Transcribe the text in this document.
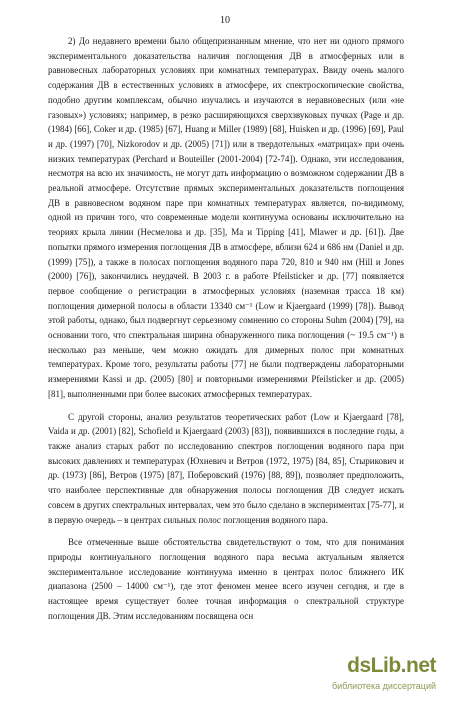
10

2) До недавнего времени было общепризнанным мнение, что нет ни одного прямого экспериментального доказательства наличия поглощения ДВ в атмосферных или в равновесных лабораторных условиях при комнатных температурах. Ввиду очень малого содержания ДВ в естественных условиях в атмосфере, их спектроскопические свойства, подобно другим комплексам, обычно изучались и изучаются в неравновесных (или «не газовых») условиях; например, в резко расширяющихся сверхзвуковых пучках (Page и др. (1984) [66], Coker и др. (1985) [67], Huang и Miller (1989) [68], Huisken и др. (1996) [69], Paul и др. (1997) [70], Nizkorodov и др. (2005) [71]) или в твердотельных «матрицах» при очень низких температурах (Perchard и Bouteiller (2001-2004) [72-74]). Однако, эти исследования, несмотря на всю их значимость, не могут дать информацию о возможном содержании ДВ в реальной атмосфере. Отсутствие прямых экспериментальных доказательств поглощения ДВ в равновесном водяном паре при комнатных температурах является, по-видимому, одной из причин того, что современные модели континуума основаны исключительно на теориях крыла линии (Несмелова и др. [35], Ma и Tipping [41], Mlawer и др. [61]). Две попытки прямого измерения поглощения ДВ в атмосфере, вблизи 624 и 686 нм (Daniel и др. (1999) [75]), а также в полосах поглощения водяного пара 720, 810 и 940 нм (Hill и Jones (2000) [76]), закончились неудачей. В 2003 г. в работе Pfeilsticker и др. [77] появляется первое сообщение о регистрации в атмосферных условиях (наземная трасса 18 км) поглощения димерной полосы в области 13340 см⁻¹ (Low и Kjaergaard (1999) [78]). Вывод этой работы, однако, был подвергнут серьезному сомнению со стороны Suhm (2004) [79], на основании того, что спектральная ширина обнаруженного пика поглощения (~ 19.5 см⁻¹) в несколько раз меньше, чем можно ожидать для димерных полос при комнатных температурах. Кроме того, результаты работы [77] не были подтверждены лабораторными измерениями Kassi и др. (2005) [80] и повторными измерениями Pfeilsticker и др. (2005) [81], выполненными при более высоких атмосферных температурах.

С другой стороны, анализ результатов теоретических работ (Low и Kjaergaard [78], Vaida и др. (2001) [82], Schofield и Kjaergaard (2003) [83]), появившихся в последние годы, а также анализ старых работ по исследованию спектров поглощения водяного пара при высоких давлениях и температурах (Юхневич и Ветров (1972, 1975) [84, 85], Стырикович и др. (1973) [86], Ветров (1975) [87], Поберовский (1976) [88, 89]), позволяет предположить, что наиболее перспективные для обнаружения полосы поглощения ДВ следует искать совсем в других спектральных интервалах, чем это было сделано в экспериментах [75-77], и в первую очередь – в центрах сильных полос поглощения водяного пара.

Все отмеченные выше обстоятельства свидетельствуют о том, что для понимания природы континуального поглощения водяного пара весьма актуальным является экспериментальное исследование континуума именно в центрах полос ближнего ИК диапазона (2500 – 14000 см⁻¹), где этот феномен менее всего изучен сегодня, и где в настоящее время существует более точная информация о спектральной структуре поглощения ДВ. Этим исследованиям посвящена осн

dsLib.net
библиотека диссертаций
